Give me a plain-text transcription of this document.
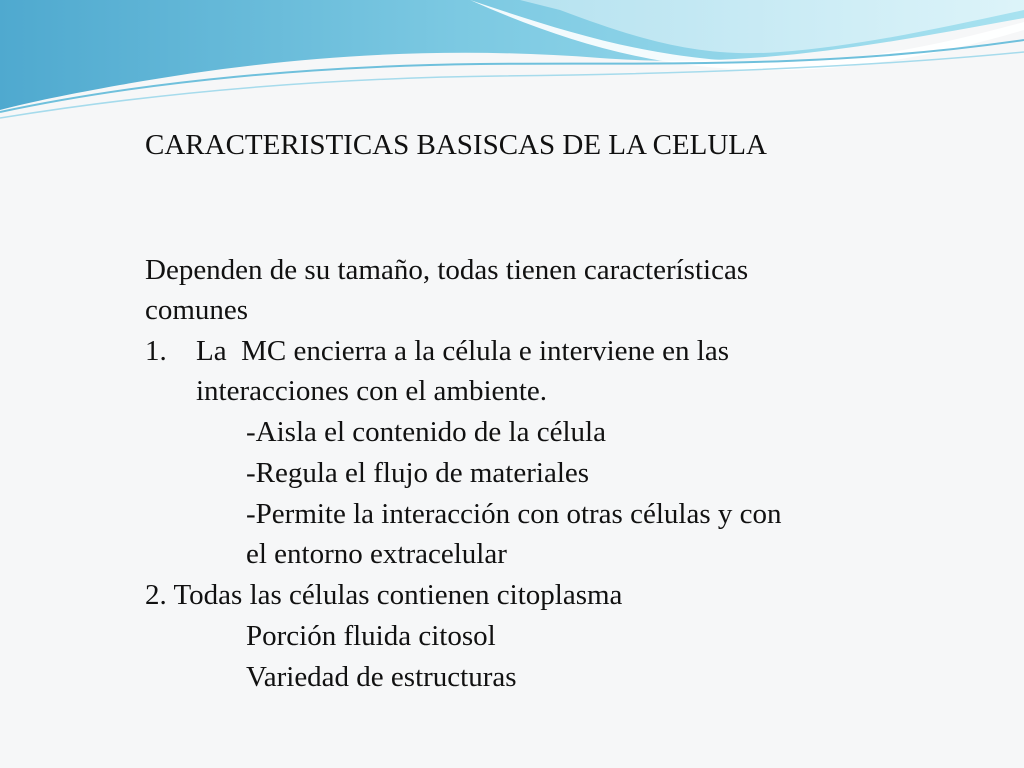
CARACTERISTICAS BASISCAS DE LA CELULA
Dependen de su tamaño, todas tienen características
comunes
1. La  MC encierra a la célula e interviene en las
interacciones con el ambiente.
-Aisla el contenido de la célula
-Regula el flujo de materiales
-Permite la interacción con otras células y con
el entorno extracelular
2. Todas las células contienen citoplasma
Porción fluida citosol
Variedad de estructuras
